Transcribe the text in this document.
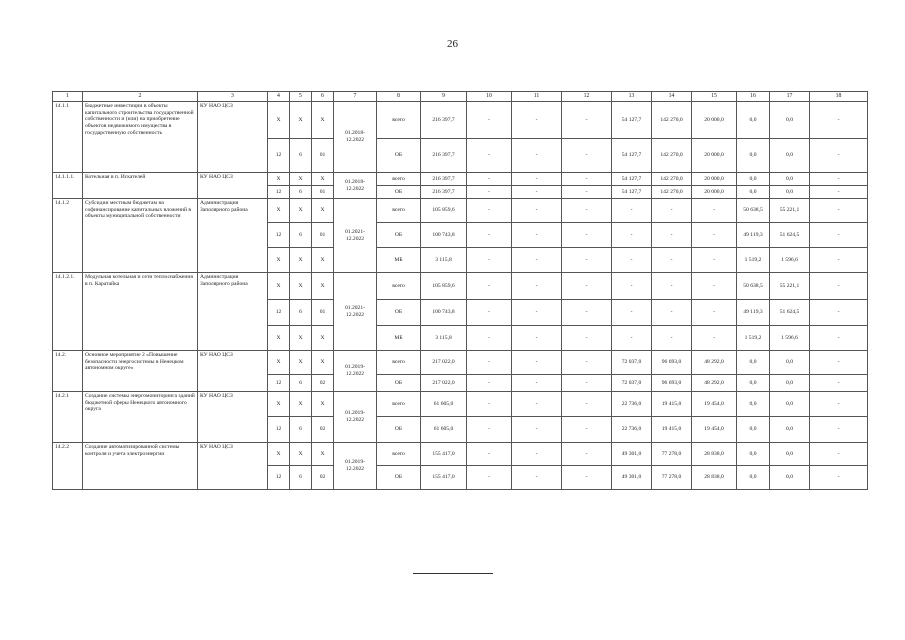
26
1	2	3	4	5	6	7	8	9	10	11	12	13	14	15	16	17	18
14.1.1	Бюджетные инвестиции в объекты капитального строительства государственной собственности и (или) на приобретение объектов недвижимого имущества в государственную собственность	КУ НАО ЦСЗ	Х	Х	Х	01.2018-12.2022	всего	216 397,7	-	-	-	54 127,7	142 270,0	20 000,0	0,0	0,0	-
			12	6	01		ОБ	216 397,7	-	-	-	54 127,7	142 270,0	20 000,0	0,0	0,0	-
14.1.1.1.	Котельная в п. Искателей	КУ НАО ЦСЗ	Х	Х	Х	01.2018-12.2022	всего	216 397,7	-	-	-	54 127,7	142 270,0	20 000,0	0,0	0,0	-
			12	6	01		ОБ	216 397,7	-	-	-	54 127,7	142 270,0	20 000,0	0,0	0,0	-
14.1.2	Субсидии местным бюджетам на софинансирование капитальных вложений в объекты муниципальной собственности	Администрация Заполярного района	Х	Х	Х	01.2021-12.2022	всего	105 859,6	-	-	-	-	-	-	50 638,5	55 221,1	-
			12	6	01		ОБ	100 743,8	-	-	-	-	-	-	49 119,3	51 624,5	-
			Х	Х	Х		МБ	3 115,8	-	-	-	-	-	-	1 519,2	1 596,6	-
14.1.2.1.	Модульная котельная и сети теплоснабжения в п. Каратайка	Администрация Заполярного района	Х	Х	Х	01.2021-12.2022	всего	105 859,6	-	-	-	-	-	-	50 638,5	55 221,1	-
			12	6	01		ОБ	100 743,8	-	-	-	-	-	-	49 119,3	51 624,5	-
			Х	Х	Х		МБ	3 115,8	-	-	-	-	-	-	1 519,2	1 596,6	-
14.2.	Основное мероприятие 2 «Повышение безопасности энергосистемы в Ненецком автономном округе»	КУ НАО ЦСЗ	Х	Х	Х	01.2019-12.2022	всего	217 022,0	-	-	-	72 037,0	96 693,0	48 292,0	0,0	0,0	-
			12	6	02		ОБ	217 022,0	-	-	-	72 037,0	96 693,0	48 292,0	0,0	0,0	-
14.2.1	Создание системы энергомониторинга зданий бюджетной сферы Ненецкого автономного округа	КУ НАО ЦСЗ	Х	Х	Х	01.2019-12.2022	всего	61 605,0	-	-	-	22 736,0	19 415,0	19 454,0	0,0	0,0	-
			12	6	02		ОБ	61 605,0	-	-	-	22 736,0	19 415,0	19 454,0	0,0	0,0	-
14.2.2	Создание автоматизированной системы контроля и учета электроэнергии	КУ НАО ЦСЗ	Х	Х	Х	01.2019-12.2022	всего	155 417,0	-	-	-	49 301,0	77 278,0	28 838,0	0,0	0,0	-
			12	6	02		ОБ	155 417,0	-	-	-	49 301,0	77 278,0	28 838,0	0,0	0,0	-
